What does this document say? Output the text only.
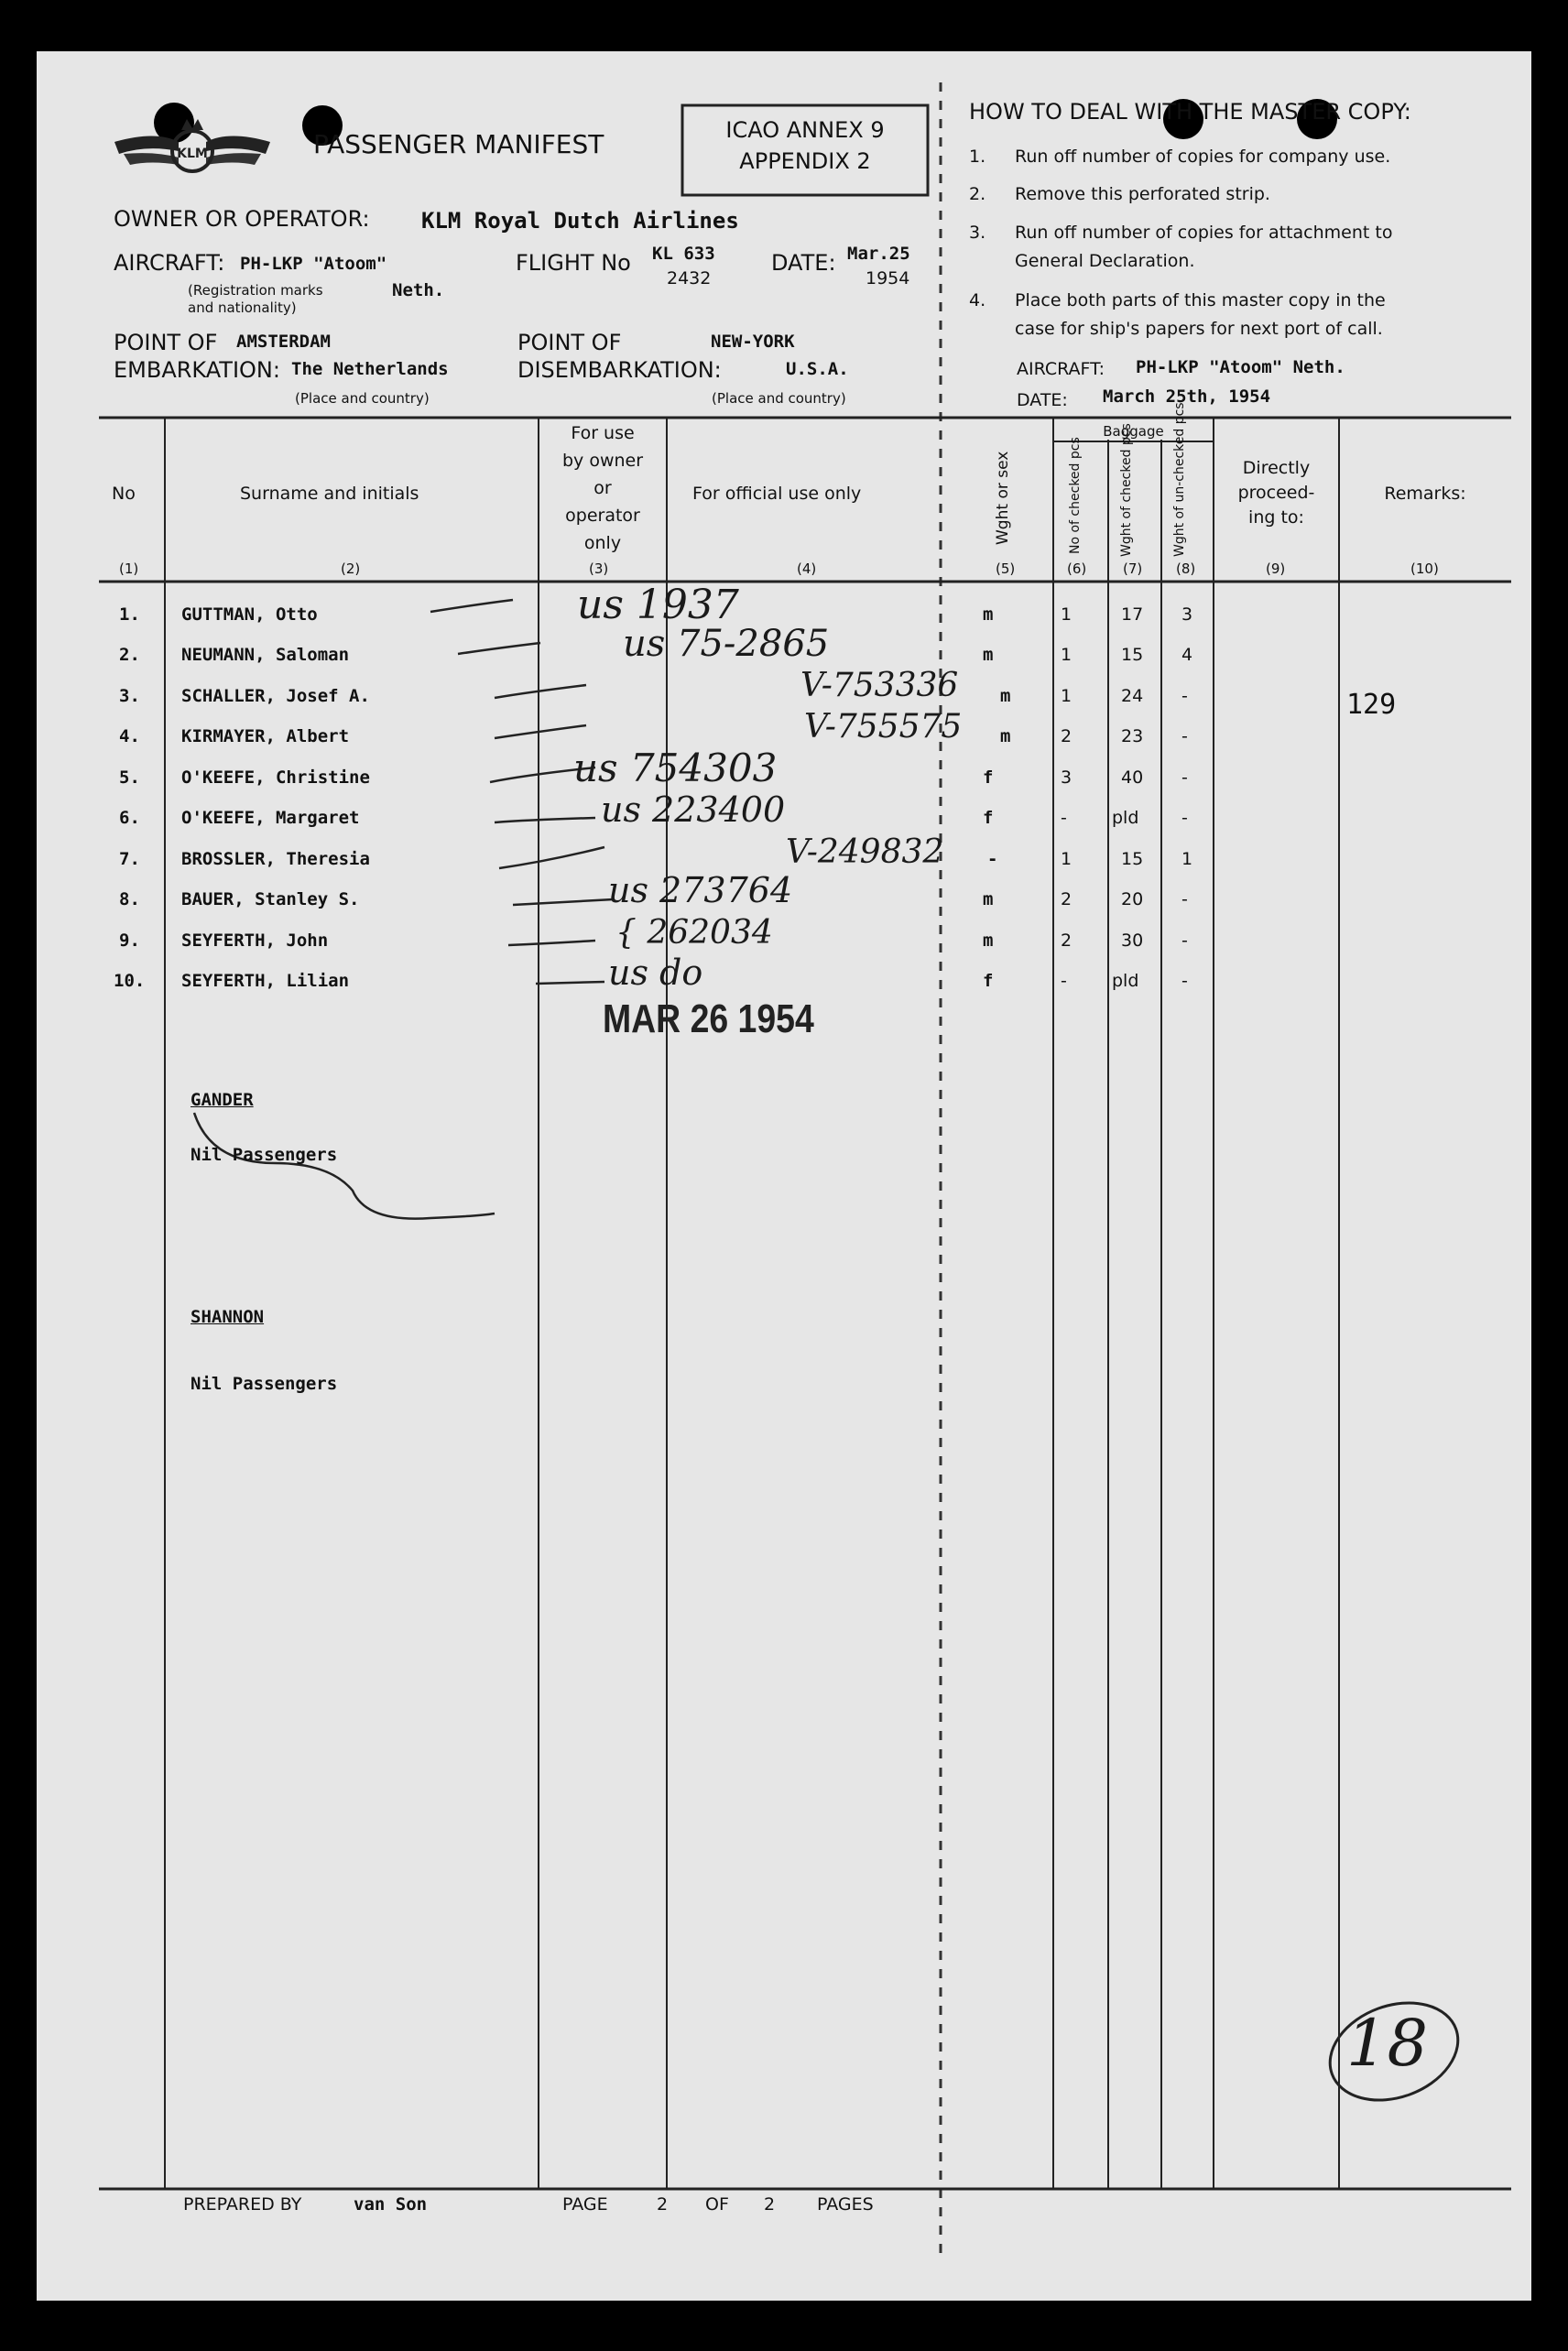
KLM	PASSENGER MANIFEST	ICAO ANNEX 9
APPENDIX 2
OWNER OR OPERATOR: KLM Royal Dutch Airlines
AIRCRAFT: PH-LKP "Atoom"
(Registration marks
and nationality)
Neth.
FLIGHT No KL 633
2432
DATE: Mar.25
1954
POINT OF
EMBARKATION:
AMSTERDAM
The Netherlands
(Place and country)
POINT OF
DISEMBARKATION:
NEW-YORK
U.S.A.
(Place and country)
HOW TO DEAL WITH THE MASTER COPY:
1. Run off number of copies for company use.
2. Remove this perforated strip.
3. Run off number of copies for attachment to
General Declaration.
4. Place both parts of this master copy in the
case for ship's papers for next port of call.
AIRCRAFT: PH-LKP "Atoom" Neth.
DATE: March 25th, 1954
No	Surname and initials
For use
by owner
or
operator
only
For official use only	Wght or sex
Baggage
No of checked pcs	Wght of checked pcs	Wght of un-checked pcs	Directly
proceed-
ing to:
Remarks:
(1)	(2)	(3)	(4)	(5)	(6)	(7) (8)	(9)	(10)
1. GUTTMAN, Otto	us 1937	m	1	17 3
2. NEUMANN, Saloman	us 75-2865	m	1	15 4
3. SCHALLER, Josef A.	V-753336 m	1	24 -
4. KIRMAYER, Albert	V-755575 m	2	23 -
5. O'KEEFE, Christine	us 754303	f	3	40 -
6. O'KEEFE, Margaret	us 223400	f	-	pld -
7. BROSSLER, Theresia	V-249832	-	1	15 1
8. BAUER, Stanley S.	us 273764	m	2	20 -
9. SEYFERTH, John	{ 262034	m	2	30 -
10. SEYFERTH, Lilian	us do	f	-	pld -
129
MAR 26 1954
GANDER
Nil Passengers
SHANNON
Nil Passengers
18
PREPARED BY	van Son	PAGE	2 OF 2 PAGES
